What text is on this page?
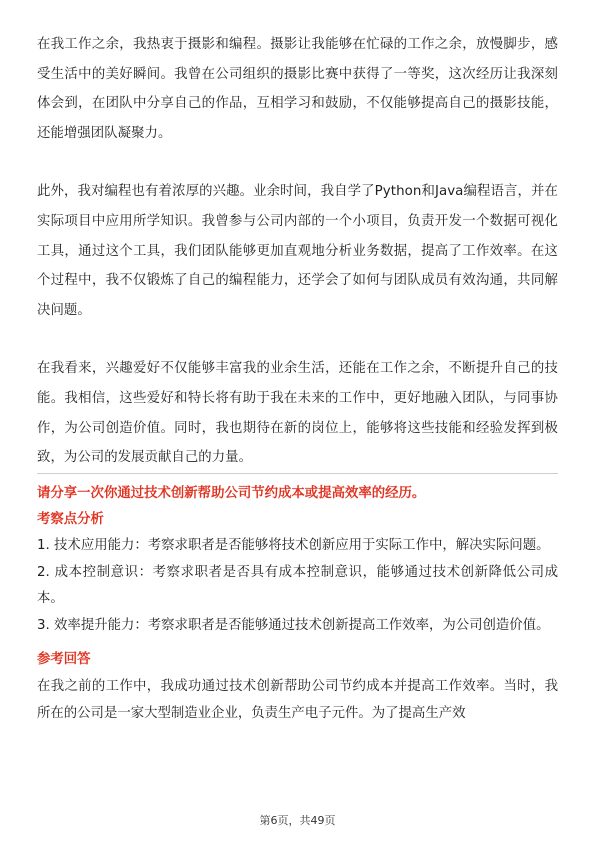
在我工作之余，我热衷于摄影和编程。摄影让我能够在忙碌的工作之余，放慢脚步，感受生活中的美好瞬间。我曾在公司组织的摄影比赛中获得了一等奖，这次经历让我深刻体会到，在团队中分享自己的作品，互相学习和鼓励，不仅能够提高自己的摄影技能，还能增强团队凝聚力。

此外，我对编程也有着浓厚的兴趣。业余时间，我自学了Python和Java编程语言，并在实际项目中应用所学知识。我曾参与公司内部的一个小项目，负责开发一个数据可视化工具，通过这个工具，我们团队能够更加直观地分析业务数据，提高了工作效率。在这个过程中，我不仅锻炼了自己的编程能力，还学会了如何与团队成员有效沟通，共同解决问题。

在我看来，兴趣爱好不仅能够丰富我的业余生活，还能在工作之余，不断提升自己的技能。我相信，这些爱好和特长将有助于我在未来的工作中，更好地融入团队，与同事协作，为公司创造价值。同时，我也期待在新的岗位上，能够将这些技能和经验发挥到极致，为公司的发展贡献自己的力量。

请分享一次你通过技术创新帮助公司节约成本或提高效率的经历。

考察点分析

1. 技术应用能力：考察求职者是否能够将技术创新应用于实际工作中，解决实际问题。

2. 成本控制意识：考察求职者是否具有成本控制意识，能够通过技术创新降低公司成本。

3. 效率提升能力：考察求职者是否能够通过技术创新提高工作效率，为公司创造价值。

参考回答

在我之前的工作中，我成功通过技术创新帮助公司节约成本并提高工作效率。当时，我所在的公司是一家大型制造业企业，负责生产电子元件。为了提高生产效

第6页，共49页
